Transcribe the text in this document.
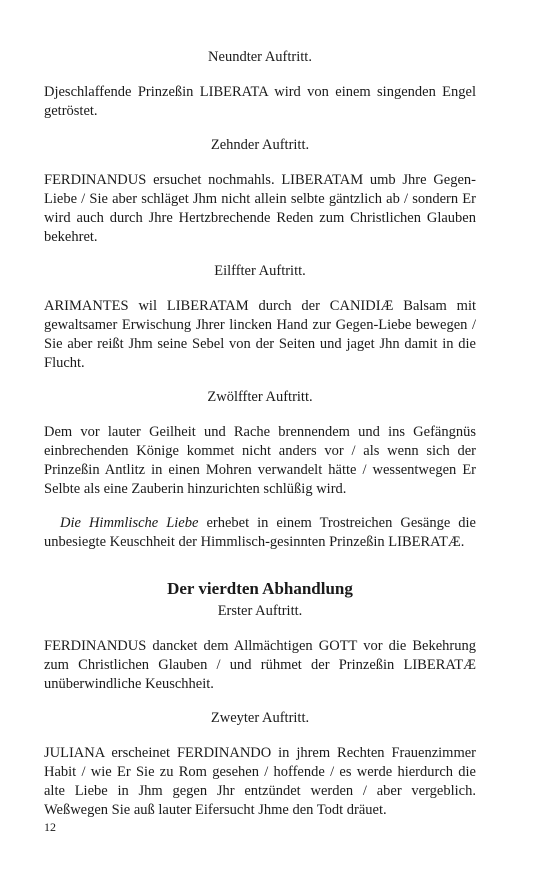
Neundter Auftritt.

Djeschlaffende Prinzeßin LIBERATA wird von einem singenden Engel getröstet.

Zehnder Auftritt.

FERDINANDUS ersuchet nochmahls. LIBERATAM umb Jhre Gegen-Liebe / Sie aber schläget Jhm nicht allein selbte gäntzlich ab / sondern Er wird auch durch Jhre Hertzbrechende Reden zum Christlichen Glauben bekehret.

Eilffter Auftritt.

ARIMANTES wil LIBERATAM durch der CANIDIÆ Balsam mit gewaltsamer Erwischung Jhrer lincken Hand zur Gegen-Liebe bewegen / Sie aber reißt Jhm seine Sebel von der Seiten und jaget Jhn damit in die Flucht.

Zwölffter Auftritt.

Dem vor lauter Geilheit und Rache brennendem und ins Gefängnüs einbrechenden Könige kommet nicht anders vor / als wenn sich der Prinzeßin Antlitz in einen Mohren verwandelt hätte / wessentwegen Er Selbte als eine Zauberin hinzurichten schlüßig wird.

Die Himmlische Liebe erhebet in einem Trostreichen Gesänge die unbesiegte Keuschheit der Himmlisch-gesinnten Prinzeßin LIBERATÆ.

Der vierdten Abhandlung

Erster Auftritt.

FERDINANDUS dancket dem Allmächtigen GOTT vor die Bekehrung zum Christlichen Glauben / und rühmet der Prinzeßin LIBERATÆ unüberwindliche Keuschheit.

Zweyter Auftritt.

JULIANA erscheinet FERDINANDO in jhrem Rechten Frauenzimmer Habit / wie Er Sie zu Rom gesehen / hoffende / es werde hierdurch die alte Liebe in Jhm gegen Jhr entzündet werden / aber vergeblich. Weßwegen Sie auß lauter Eifersucht Jhme den Todt dräuet.

12
